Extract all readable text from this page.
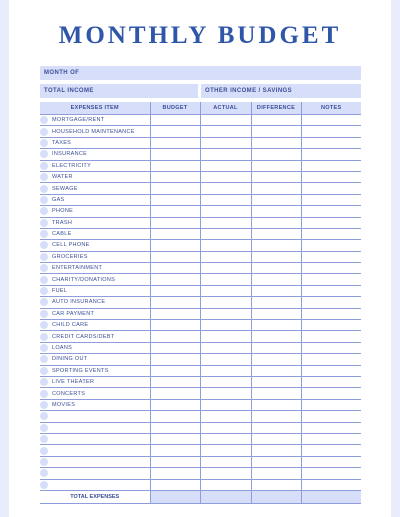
MONTHLY BUDGET
MONTH OF
TOTAL INCOME	OTHER INCOME / SAVINGS
EXPENSES ITEM	BUDGET	ACTUAL	DIFFERENCE	NOTES

MORTGAGE/RENT				

HOUSEHOLD MAINTENANCE				

TAXES				

INSURANCE				

ELECTRICITY				

WATER				

SEWAGE				

GAS				

PHONE				

TRASH				

CABLE				

CELL PHONE				

GROCERIES				

ENTERTAINMENT				

CHARITY/DONATIONS				

FUEL				

AUTO INSURANCE				

CAR PAYMENT				

CHILD CARE				

CREDIT CARDS/DEBT				

LOANS				

DINING OUT				

SPORTING EVENTS				

LIVE THEATER				

CONCERTS				

MOVIES				

TOTAL EXPENSES				
